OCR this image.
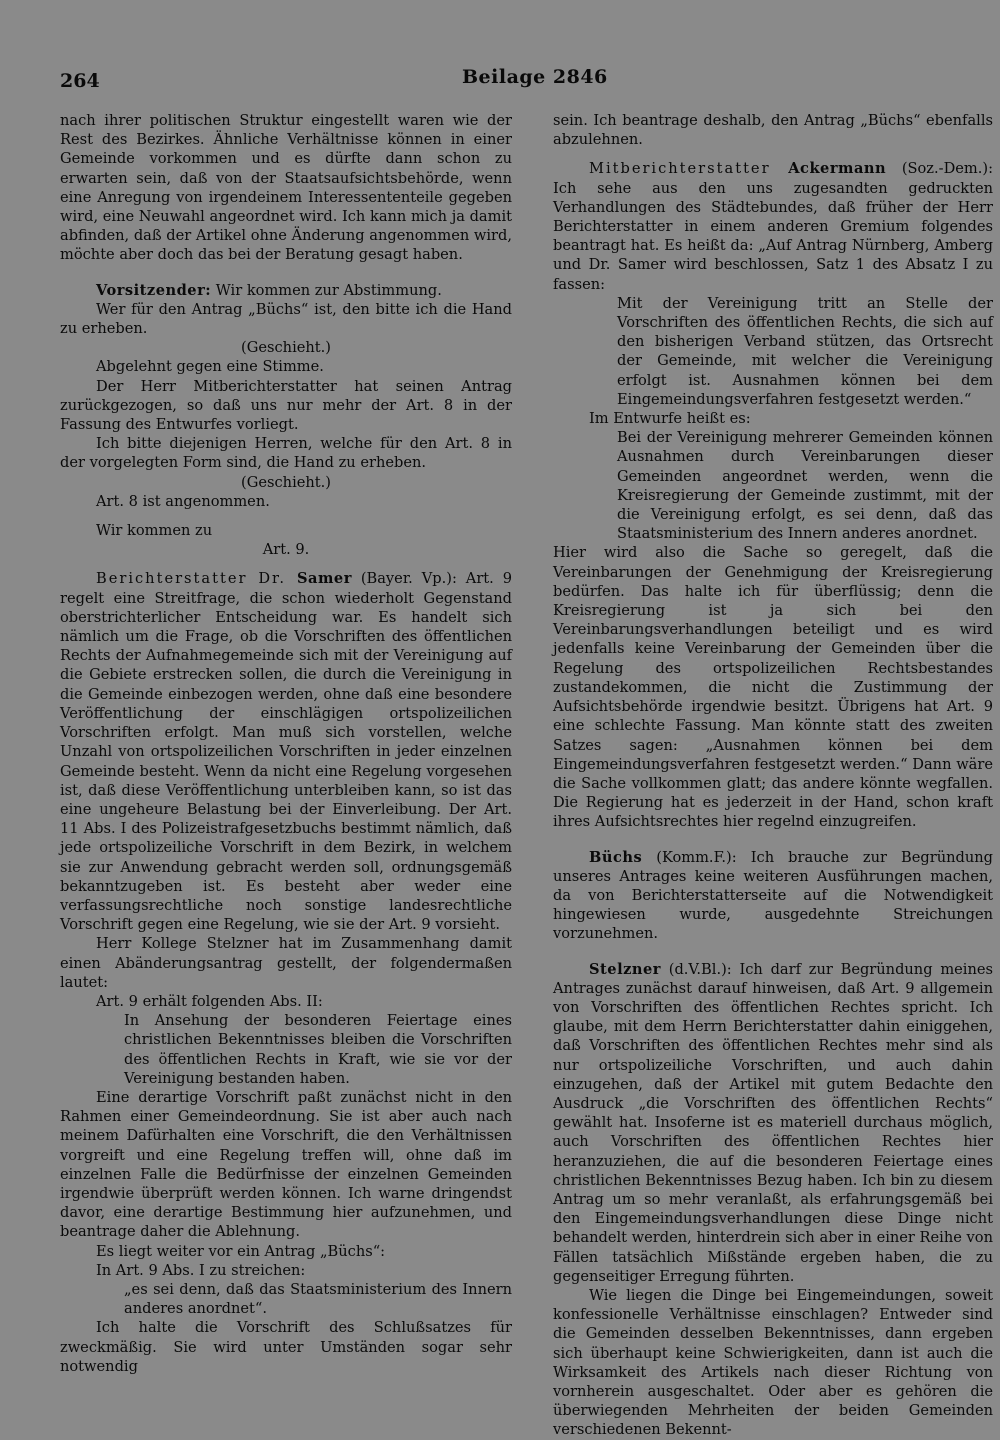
264	Beilage 2846

nach ihrer politischen Struktur eingestellt waren wie der Rest des Bezirkes. Ähnliche Verhältnisse können in einer Gemeinde vorkommen und es dürfte dann schon zu erwarten sein, daß von der Staatsaufsichtsbehörde, wenn eine Anregung von irgendeinem Interessententeile gegeben wird, eine Neuwahl angeordnet wird. Ich kann mich ja damit abfinden, daß der Artikel ohne Änderung angenommen wird, möchte aber doch das bei der Beratung gesagt haben.

Vorsitzender: Wir kommen zur Abstimmung.

Wer für den Antrag „Büchs“ ist, den bitte ich die Hand zu erheben.

(Geschieht.)

Abgelehnt gegen eine Stimme.

Der Herr Mitberichterstatter hat seinen Antrag zurückgezogen, so daß uns nur mehr der Art. 8 in der Fassung des Entwurfes vorliegt.

Ich bitte diejenigen Herren, welche für den Art. 8 in der vorgelegten Form sind, die Hand zu erheben.

(Geschieht.)

Art. 8 ist angenommen.

Wir kommen zu

Art. 9.

Berichterstatter Dr. Samer (Bayer. Vp.): Art. 9 regelt eine Streitfrage, die schon wiederholt Gegenstand oberstrichterlicher Entscheidung war. Es handelt sich nämlich um die Frage, ob die Vorschriften des öffentlichen Rechts der Aufnahmegemeinde sich mit der Vereinigung auf die Gebiete erstrecken sollen, die durch die Vereinigung in die Gemeinde einbezogen werden, ohne daß eine besondere Veröffentlichung der einschlägigen ortspolizeilichen Vorschriften erfolgt. Man muß sich vorstellen, welche Unzahl von ortspolizeilichen Vorschriften in jeder einzelnen Gemeinde besteht. Wenn da nicht eine Regelung vorgesehen ist, daß diese Veröffentlichung unterbleiben kann, so ist das eine ungeheure Belastung bei der Einverleibung. Der Art. 11 Abs. I des Polizeistrafgesetzbuchs bestimmt nämlich, daß jede ortspolizeiliche Vorschrift in dem Bezirk, in welchem sie zur Anwendung gebracht werden soll, ordnungsgemäß bekanntzugeben ist. Es besteht aber weder eine verfassungsrechtliche noch sonstige landesrechtliche Vorschrift gegen eine Regelung, wie sie der Art. 9 vorsieht.

Herr Kollege Stelzner hat im Zusammenhang damit einen Abänderungsantrag gestellt, der folgendermaßen lautet:

Art. 9 erhält folgenden Abs. II:

In Ansehung der besonderen Feiertage eines christlichen Bekenntnisses bleiben die Vorschriften des öffentlichen Rechts in Kraft, wie sie vor der Vereinigung bestanden haben.

Eine derartige Vorschrift paßt zunächst nicht in den Rahmen einer Gemeindeordnung. Sie ist aber auch nach meinem Dafürhalten eine Vorschrift, die den Verhältnissen vorgreift und eine Regelung treffen will, ohne daß im einzelnen Falle die Bedürfnisse der einzelnen Gemeinden irgendwie überprüft werden können. Ich warne dringendst davor, eine derartige Bestimmung hier aufzunehmen, und beantrage daher die Ablehnung.

Es liegt weiter vor ein Antrag „Büchs“:

In Art. 9 Abs. I zu streichen:

„es sei denn, daß das Staatsministerium des Innern anderes anordnet“.

Ich halte die Vorschrift des Schlußsatzes für zweckmäßig. Sie wird unter Umständen sogar sehr notwendig

sein. Ich beantrage deshalb, den Antrag „Büchs“ ebenfalls abzulehnen.

Mitberichterstatter Ackermann (Soz.-Dem.): Ich sehe aus den uns zugesandten gedruckten Verhandlungen des Städtebundes, daß früher der Herr Berichterstatter in einem anderen Gremium folgendes beantragt hat. Es heißt da: „Auf Antrag Nürnberg, Amberg und Dr. Samer wird beschlossen, Satz 1 des Absatz I zu fassen:

Mit der Vereinigung tritt an Stelle der Vorschriften des öffentlichen Rechts, die sich auf den bisherigen Verband stützen, das Ortsrecht der Gemeinde, mit welcher die Vereinigung erfolgt ist. Ausnahmen können bei dem Eingemeindungsverfahren festgesetzt werden.“

Im Entwurfe heißt es:

Bei der Vereinigung mehrerer Gemeinden können Ausnahmen durch Vereinbarungen dieser Gemeinden angeordnet werden, wenn die Kreisregierung der Gemeinde zustimmt, mit der die Vereinigung erfolgt, es sei denn, daß das Staatsministerium des Innern anderes anordnet.

Hier wird also die Sache so geregelt, daß die Vereinbarungen der Genehmigung der Kreisregierung bedürfen. Das halte ich für überflüssig; denn die Kreisregierung ist ja sich bei den Vereinbarungsverhandlungen beteiligt und es wird jedenfalls keine Vereinbarung der Gemeinden über die Regelung des ortspolizeilichen Rechtsbestandes zustandekommen, die nicht die Zustimmung der Aufsichtsbehörde irgendwie besitzt. Übrigens hat Art. 9 eine schlechte Fassung. Man könnte statt des zweiten Satzes sagen: „Ausnahmen können bei dem Eingemeindungsverfahren festgesetzt werden.“ Dann wäre die Sache vollkommen glatt; das andere könnte wegfallen. Die Regierung hat es jederzeit in der Hand, schon kraft ihres Aufsichtsrechtes hier regelnd einzugreifen.

Büchs (Komm.F.): Ich brauche zur Begründung unseres Antrages keine weiteren Ausführungen machen, da von Berichterstatterseite auf die Notwendigkeit hingewiesen wurde, ausgedehnte Streichungen vorzunehmen.

Stelzner (d.V.Bl.): Ich darf zur Begründung meines Antrages zunächst darauf hinweisen, daß Art. 9 allgemein von Vorschriften des öffentlichen Rechtes spricht. Ich glaube, mit dem Herrn Berichterstatter dahin einiggehen, daß Vorschriften des öffentlichen Rechtes mehr sind als nur ortspolizeiliche Vorschriften, und auch dahin einzugehen, daß der Artikel mit gutem Bedachte den Ausdruck „die Vorschriften des öffentlichen Rechts“ gewählt hat. Insoferne ist es materiell durchaus möglich, auch Vorschriften des öffentlichen Rechtes hier heranzuziehen, die auf die besonderen Feiertage eines christlichen Bekenntnisses Bezug haben. Ich bin zu diesem Antrag um so mehr veranlaßt, als erfahrungsgemäß bei den Eingemeindungsverhandlungen diese Dinge nicht behandelt werden, hinterdrein sich aber in einer Reihe von Fällen tatsächlich Mißstände ergeben haben, die zu gegenseitiger Erregung führten.

Wie liegen die Dinge bei Eingemeindungen, soweit konfessionelle Verhältnisse einschlagen? Entweder sind die Gemeinden desselben Bekenntnisses, dann ergeben sich überhaupt keine Schwierigkeiten, dann ist auch die Wirksamkeit des Artikels nach dieser Richtung von vornherein ausgeschaltet. Oder aber es gehören die überwiegenden Mehrheiten der beiden Gemeinden verschiedenen Bekennt-
